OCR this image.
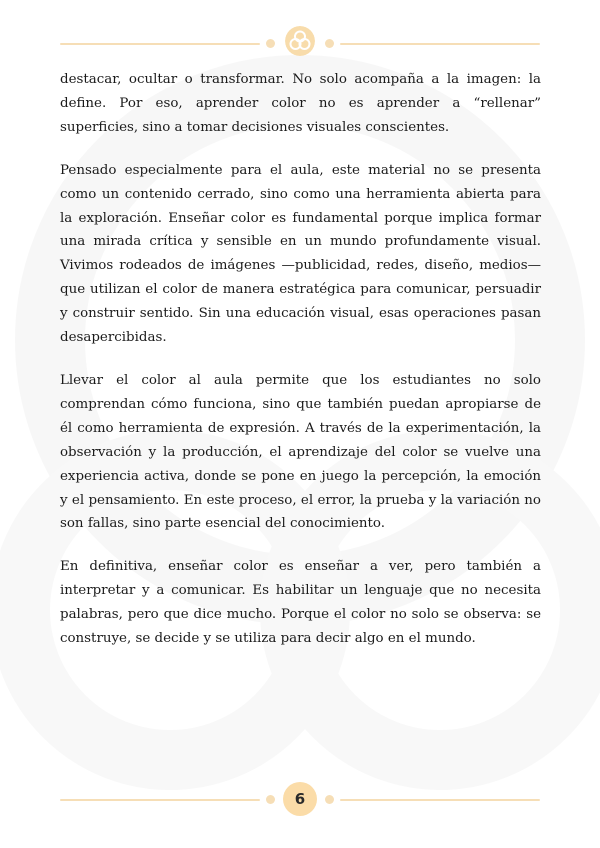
destacar, ocultar o transformar. No solo acompaña a la imagen: la define. Por eso, aprender color no es aprender a “rellenar” superficies, sino a tomar decisiones visuales conscientes.

Pensado especialmente para el aula, este material no se presenta como un contenido cerrado, sino como una herramienta abierta para la exploración. Enseñar color es fundamental porque implica formar una mirada crítica y sensible en un mundo profundamente visual. Vivimos rodeados de imágenes —publicidad, redes, diseño, medios— que utilizan el color de manera estratégica para comunicar, persuadir y construir sentido. Sin una educación visual, esas operaciones pasan desapercibidas.

Llevar el color al aula permite que los estudiantes no solo comprendan cómo funciona, sino que también puedan apropiarse de él como herramienta de expresión. A través de la experimentación, la observación y la producción, el aprendizaje del color se vuelve una experiencia activa, donde se pone en juego la percepción, la emoción y el pensamiento. En este proceso, el error, la prueba y la variación no son fallas, sino parte esencial del conocimiento.

En definitiva, enseñar color es enseñar a ver, pero también a interpretar y a comunicar. Es habilitar un lenguaje que no necesita palabras, pero que dice mucho. Porque el color no solo se observa: se construye, se decide y se utiliza para decir algo en el mundo.

6
